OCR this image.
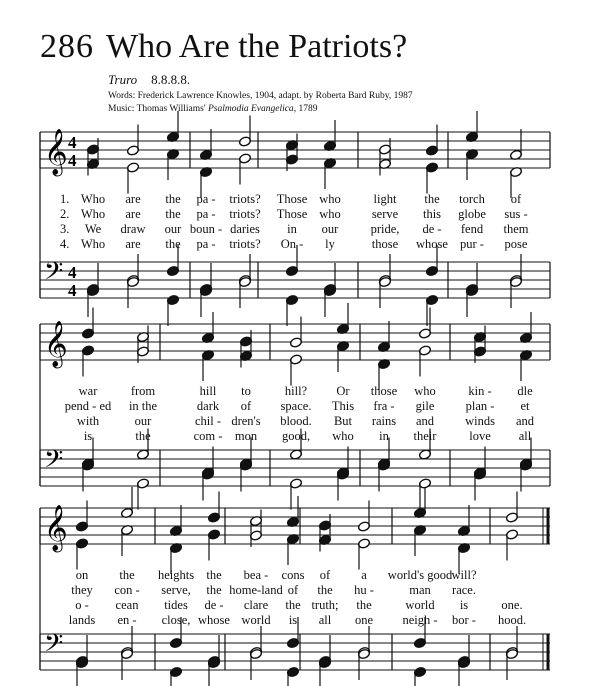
286 Who Are the Patriots?
Truro 8.8.8.8.
Words: Frederick Lawrence Knowles, 1904, adapt. by Roberta Bard Ruby, 1987
Music: Thomas Williams' Psalmodia Evangelica, 1789
𝄞 4
4
𝄢 4
4
𝄞
𝄢
𝄞
𝄢
1. Who are the pa - triots? Those who	light the torch of
2. Who are the pa - triots? Those who serve this globe sus -
3. We draw our boun - daries in our	pride, de - fend them
4. Who are the pa - triots? On - ly	those whose pur - pose
war	from	hill to	hill? Or those who	kin - dle
pend - ed in the	dark of space. This fra - gile plan - et
with	our	chil - dren's blood. But rains and winds and
is	the	com - mon good, who in their	love all
on the heights the bea - cons of a world's good will?
they con - serve, the home-land of the hu -	man race.
o - cean tides de - clare the truth; the	world is	one.
lands en - close, whose world is all one neigh - bor - hood.
